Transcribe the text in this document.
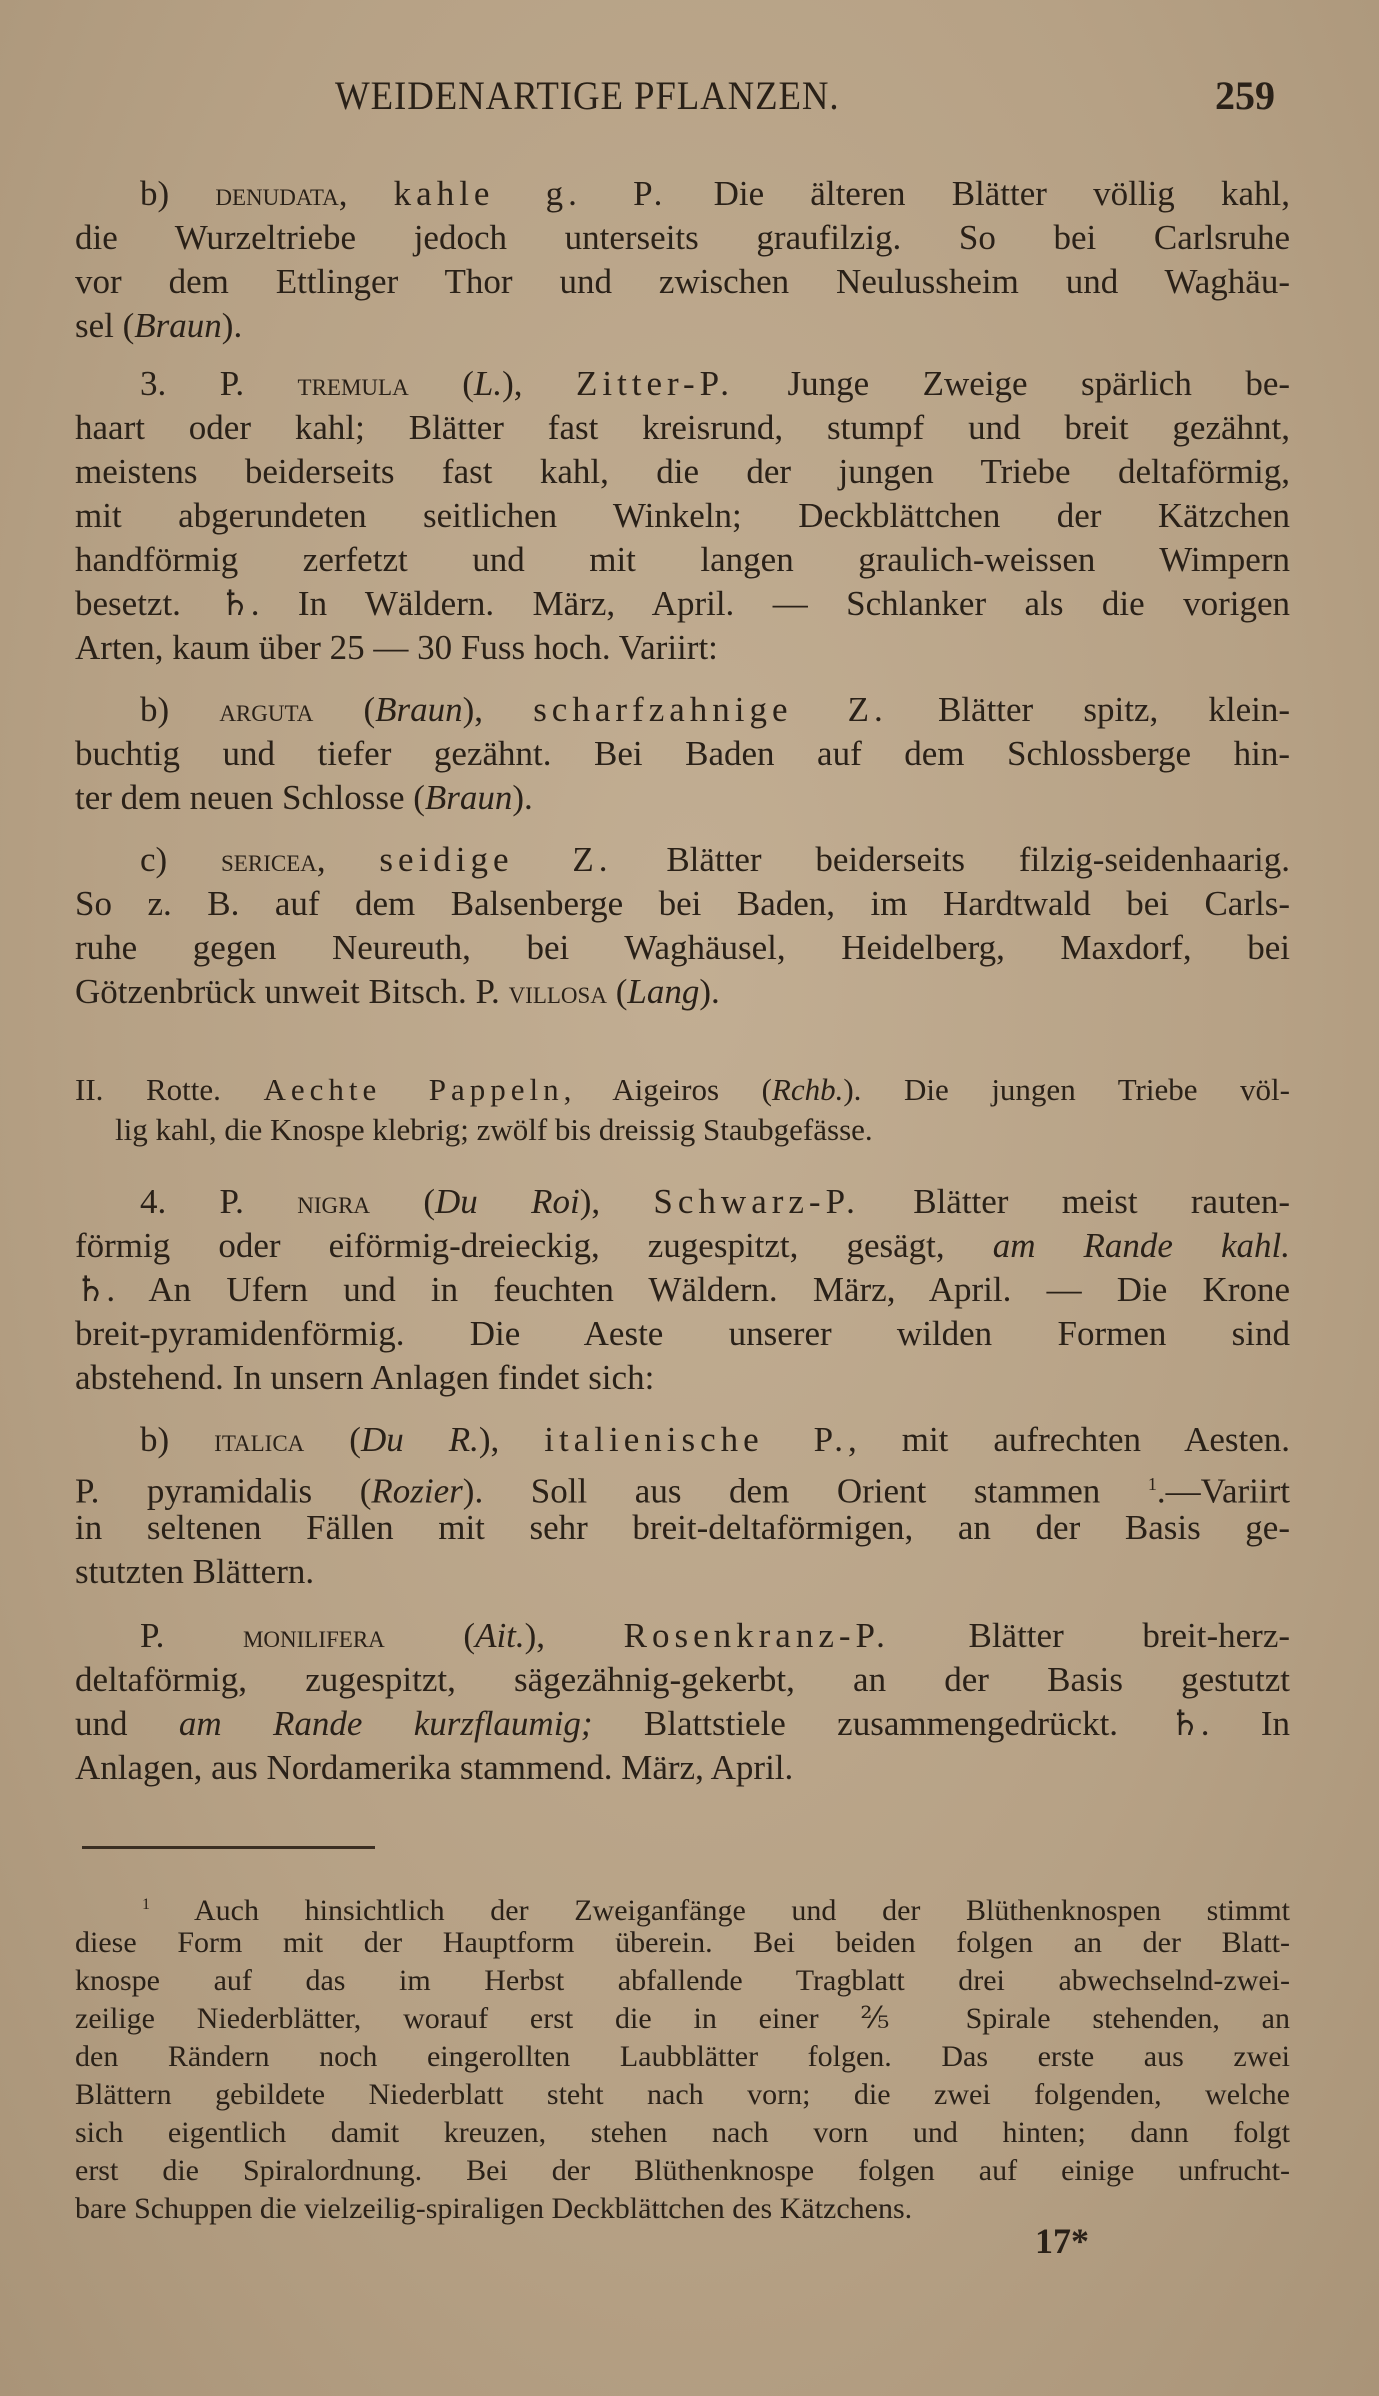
WEIDENARTIGE PFLANZEN.	259
b) denudata, kahle g. P. Die älteren Blätter völlig kahl,
die Wurzeltriebe jedoch unterseits graufilzig. So bei Carlsruhe
vor dem Ettlinger Thor und zwischen Neulussheim und Waghäu-
sel (Braun).
3. P. tremula (L.), Zitter-P. Junge Zweige spärlich be-
haart oder kahl; Blätter fast kreisrund, stumpf und breit gezähnt,
meistens beiderseits fast kahl, die der jungen Triebe deltaförmig,
mit abgerundeten seitlichen Winkeln; Deckblättchen der Kätzchen
handförmig zerfetzt und mit langen graulich-weissen Wimpern
besetzt. ♄. In Wäldern. März, April. — Schlanker als die vorigen
Arten, kaum über 25 — 30 Fuss hoch. Variirt:
b) arguta (Braun), scharfzahnige Z. Blätter spitz, klein-
buchtig und tiefer gezähnt. Bei Baden auf dem Schlossberge hin-
ter dem neuen Schlosse (Braun).
c) sericea, seidige Z. Blätter beiderseits filzig-seidenhaarig.
So z. B. auf dem Balsenberge bei Baden, im Hardtwald bei Carls-
ruhe gegen Neureuth, bei Waghäusel, Heidelberg, Maxdorf, bei
Götzenbrück unweit Bitsch. P. villosa (Lang).
II. Rotte. Aechte Pappeln, Aigeiros (Rchb.). Die jungen Triebe völ-
lig kahl, die Knospe klebrig; zwölf bis dreissig Staubgefässe.
4. P. nigra (Du Roi), Schwarz-P. Blätter meist rauten-
förmig oder eiförmig-dreieckig, zugespitzt, gesägt, am Rande kahl.
♄. An Ufern und in feuchten Wäldern. März, April. — Die Krone
breit-pyramidenförmig. Die Aeste unserer wilden Formen sind
abstehend. In unsern Anlagen findet sich:
b) italica (Du R.), italienische P., mit aufrechten Aesten.
P. pyramidalis (Rozier). Soll aus dem Orient stammen $^1$.—Variirt
in seltenen Fällen mit sehr breit-deltaförmigen, an der Basis ge-
stutzten Blättern.
P. monilifera (Ait.), Rosenkranz-P. Blätter breit-herz-
deltaförmig, zugespitzt, sägezähnig-gekerbt, an der Basis gestutzt
und am Rande kurzflaumig; Blattstiele zusammengedrückt. ♄. In
Anlagen, aus Nordamerika stammend. März, April.
$^1$ Auch hinsichtlich der Zweiganfänge und der Blüthenknospen stimmt
diese Form mit der Hauptform überein. Bei beiden folgen an der Blatt-
knospe auf das im Herbst abfallende Tragblatt drei abwechselnd-zwei-
zeilige Niederblätter, worauf erst die in einer ⅖ Spirale stehenden, an
den Rändern noch eingerollten Laubblätter folgen. Das erste aus zwei
Blättern gebildete Niederblatt steht nach vorn; die zwei folgenden, welche
sich eigentlich damit kreuzen, stehen nach vorn und hinten; dann folgt
erst die Spiralordnung. Bei der Blüthenknospe folgen auf einige unfrucht-
bare Schuppen die vielzeilig-spiraligen Deckblättchen des Kätzchens.
17*
